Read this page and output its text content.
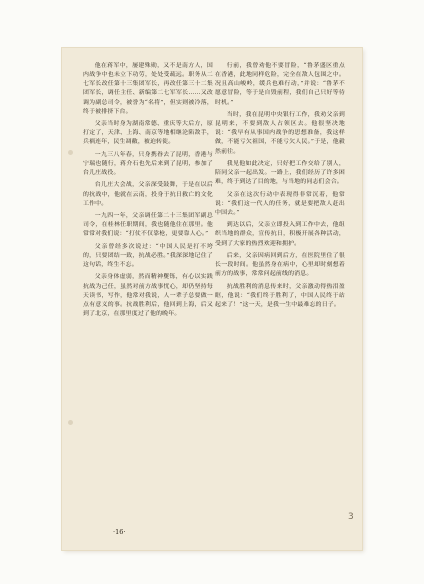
他在蒋军中，屡建殊勋，又不是南方人，国内战争中也未立下功劳，处处受疏远。职务从二七军长改任第十三集团军长，再改任第三十二集团军长，调任主任、新编第二七军军长……又改调为副总司令，被誉为“名将”，但实则被冷落，终于被排挤下台。

父亲当时身为湖南常德、重庆等大后方，原打定了，天津、上海、南京等地相继沦陷敌手，兵祸连年，民生凋敝，被迫转徙。

一九三八年春，只身携眷去了昆明，香港与宁瑞也随行，蒋介石也先后来到了昆明，参加了台儿庄战役。

台儿庄大会战，父亲深受鼓舞，于是在以后的抗战中，他就在云南，投身于抗日救亡的文化工作中。

一九四一年，父亲调任第二十三集团军副总司令，在桂林任职期间，我也随他住在那里。他常常对我们说：“打仗不仅靠枪，更要靠人心。”

父亲曾经多次说过：“中国人民是打不垮的，只要团结一致，抗战必胜。”我深深地记住了这句话，终生不忘。

父亲身体虚弱，然而精神矍铄，有心以实践抗战为己任，虽然对前方战事忧心，却仍坚持每天读书，写作，他常对我说，人一辈子总要做一点有意义的事。抗战胜利后，他回到上海，后又到了北京，在那里度过了他的晚年。

行前，我曾劝他不要冒险，“鲁茅盛区重点在香港，此地同样危险，完全在敌人包围之中。况且高山峻岭，缓兵也难行动，”并说：“鲁茅不愿意冒险，等于是自毁前程，我们自己只好等待时机。”

当时，我在昆明中央银行工作，我劝父亲到昆明来，不要到敌人占领区去。他很坚决地说：“我早有从事国内战争的思想准备，我这样做，不能亏欠祖国，不能亏欠人民。”于是，他毅然前往。

我见他如此决定，只好把工作交给了别人，陪同父亲一起出发。一路上，我们经历了许多困难，终于到达了目的地，与当地的同志们会合。

父亲在这次行动中表现得非常沉着，他常说：“我们这一代人的任务，就是要把敌人赶出中国去。”

到达以后，父亲立即投入到工作中去，他组织当地的群众，宣传抗日，积极开展各种活动，受到了大家的热烈欢迎和拥护。

后来，父亲因病回到后方，在医院里住了很长一段时间。他虽然身在病中，心里却时刻想着前方的战事，常常问起前线的消息。

抗战胜利的消息传来时，父亲激动得热泪盈眶，他说：“我们终于胜利了，中国人民终于站起来了！”这一天，是我一生中最难忘的日子。

·16·
3
